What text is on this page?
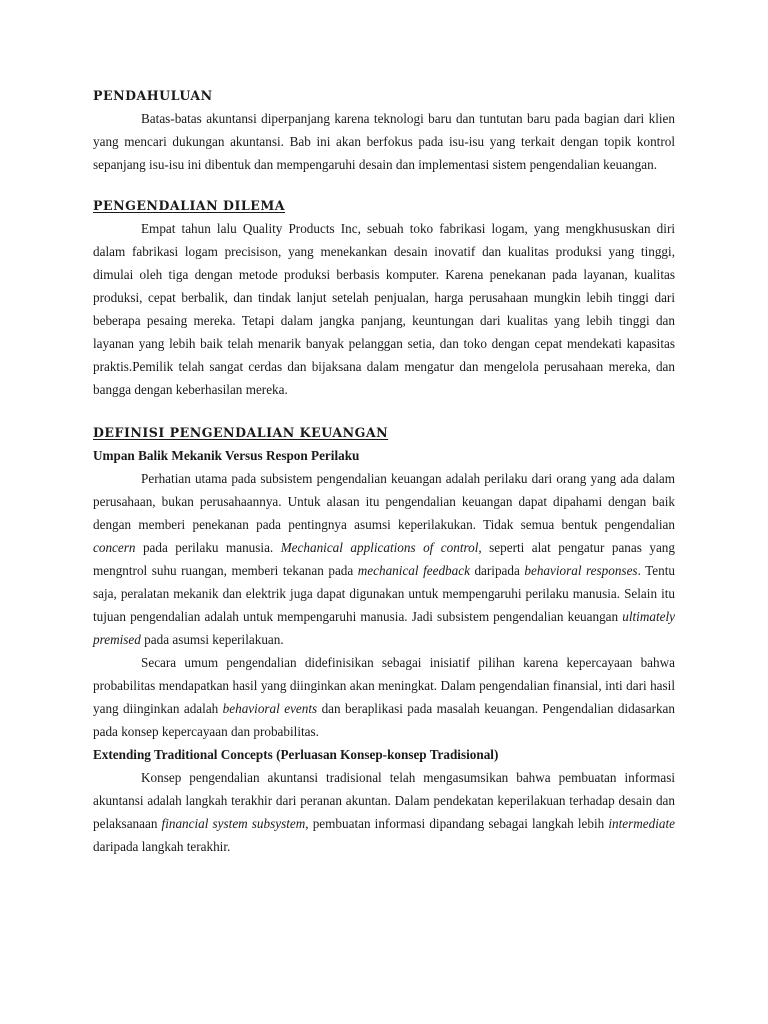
PENDAHULUAN

Batas-batas akuntansi diperpanjang karena teknologi baru dan tuntutan baru pada bagian dari klien yang mencari dukungan akuntansi. Bab ini akan berfokus pada isu-isu yang terkait dengan topik kontrol sepanjang isu-isu ini dibentuk dan mempengaruhi desain dan implementasi sistem pengendalian keuangan.

PENGENDALIAN DILEMA

Empat tahun lalu Quality Products Inc, sebuah toko fabrikasi logam, yang mengkhususkan diri dalam fabrikasi logam precisison, yang menekankan desain inovatif dan kualitas produksi yang tinggi, dimulai oleh tiga dengan metode produksi berbasis komputer. Karena penekanan pada layanan, kualitas produksi, cepat berbalik, dan tindak lanjut setelah penjualan, harga perusahaan mungkin lebih tinggi dari beberapa pesaing mereka. Tetapi dalam jangka panjang, keuntungan dari kualitas yang lebih tinggi dan layanan yang lebih baik telah menarik banyak pelanggan setia, dan toko dengan cepat mendekati kapasitas praktis.Pemilik telah sangat cerdas dan bijaksana dalam mengatur dan mengelola perusahaan mereka, dan bangga dengan keberhasilan mereka.

DEFINISI PENGENDALIAN KEUANGAN
Umpan Balik Mekanik Versus Respon Perilaku

Perhatian utama pada subsistem pengendalian keuangan adalah perilaku dari orang yang ada dalam perusahaan, bukan perusahaannya. Untuk alasan itu pengendalian keuangan dapat dipahami dengan baik dengan memberi penekanan pada pentingnya asumsi keperilakukan. Tidak semua bentuk pengendalian concern pada perilaku manusia. Mechanical applications of control, seperti alat pengatur panas yang mengntrol suhu ruangan, memberi tekanan pada mechanical feedback daripada behavioral responses. Tentu saja, peralatan mekanik dan elektrik juga dapat digunakan untuk mempengaruhi perilaku manusia. Selain itu tujuan pengendalian adalah untuk mempengaruhi manusia. Jadi subsistem pengendalian keuangan ultimately premised pada asumsi keperilakuan.

Secara umum pengendalian didefinisikan sebagai inisiatif pilihan karena kepercayaan bahwa probabilitas mendapatkan hasil yang diinginkan akan meningkat. Dalam pengendalian finansial, inti dari hasil yang diinginkan adalah behavioral events dan beraplikasi pada masalah keuangan. Pengendalian didasarkan pada konsep kepercayaan dan probabilitas.

Extending Traditional Concepts (Perluasan Konsep-konsep Tradisional)

Konsep pengendalian akuntansi tradisional telah mengasumsikan bahwa pembuatan informasi akuntansi adalah langkah terakhir dari peranan akuntan. Dalam pendekatan keperilakuan terhadap desain dan pelaksanaan financial system subsystem, pembuatan informasi dipandang sebagai langkah lebih intermediate daripada langkah terakhir.
